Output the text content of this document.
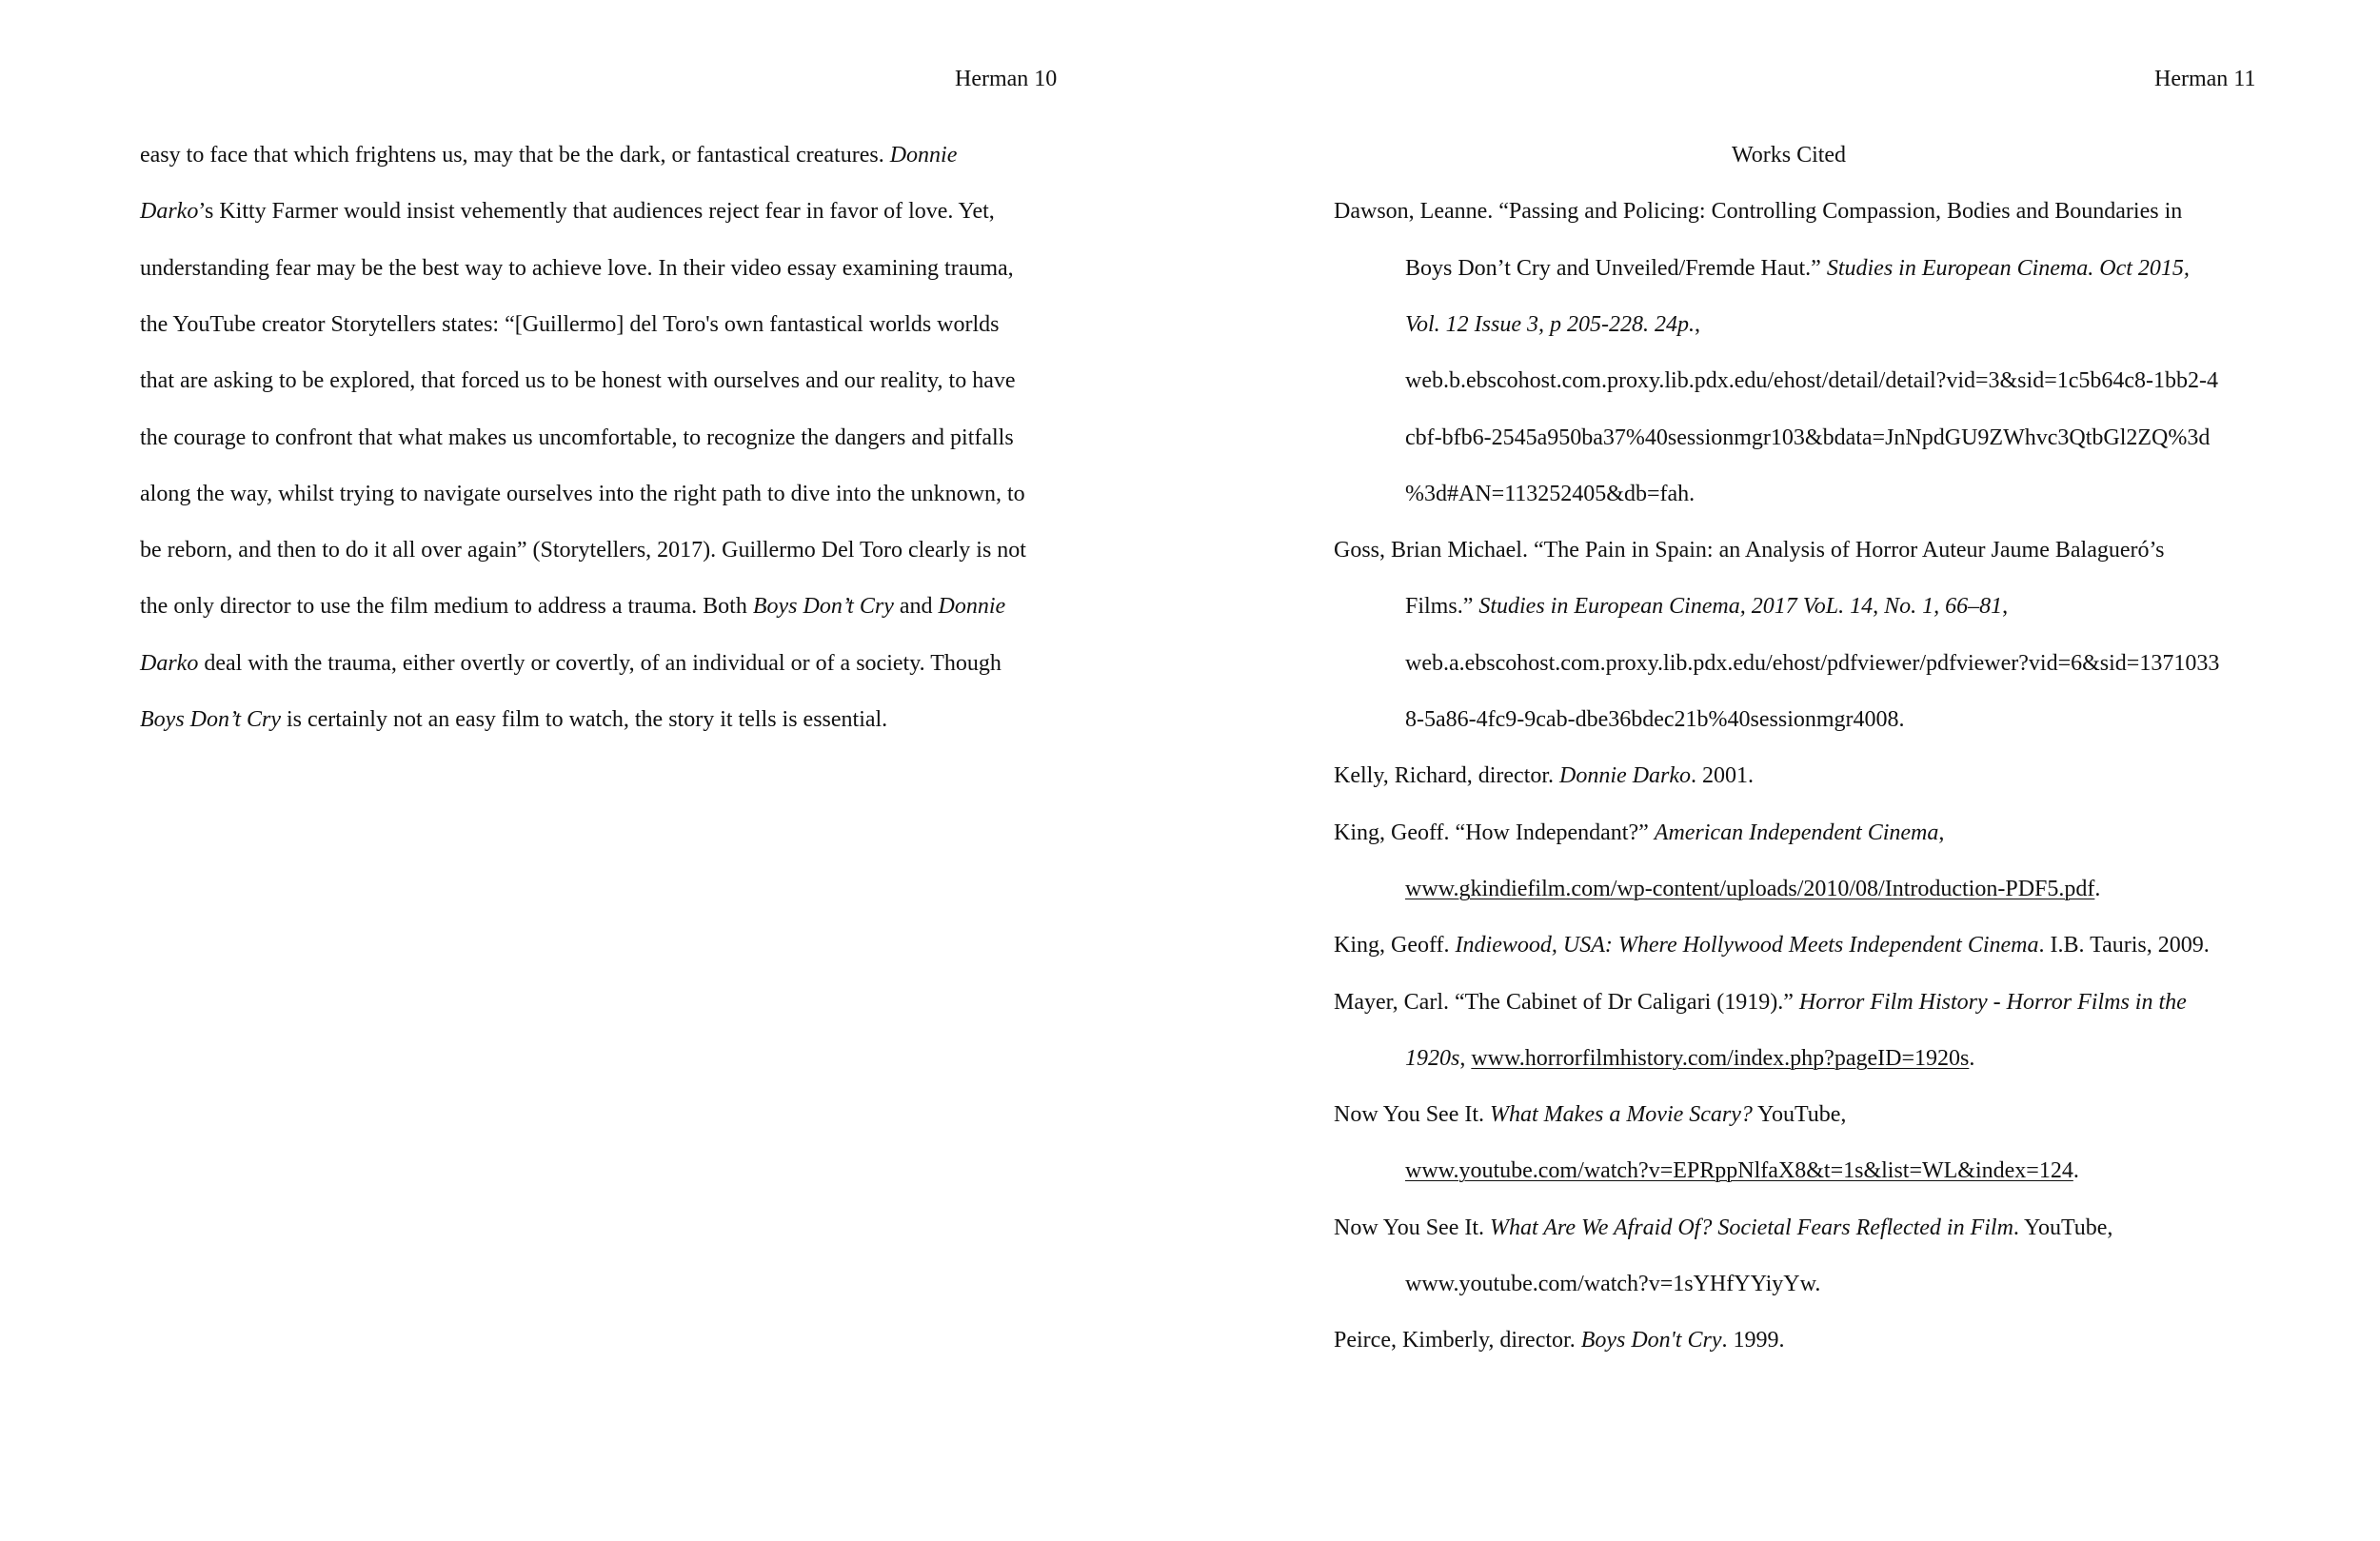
Herman 10
easy to face that which frightens us, may that be the dark, or fantastical creatures. Donnie
Darko’s Kitty Farmer would insist vehemently that audiences reject fear in favor of love. Yet,
understanding fear may be the best way to achieve love. In their video essay examining trauma,
the YouTube creator Storytellers states: “[Guillermo] del Toro's own fantastical worlds worlds
that are asking to be explored, that forced us to be honest with ourselves and our reality, to have
the courage to confront that what makes us uncomfortable, to recognize the dangers and pitfalls
along the way, whilst trying to navigate ourselves into the right path to dive into the unknown, to
be reborn, and then to do it all over again” (Storytellers, 2017). Guillermo Del Toro clearly is not
the only director to use the film medium to address a trauma. Both Boys Don’t Cry and Donnie
Darko deal with the trauma, either overtly or covertly, of an individual or of a society. Though
Boys Don’t Cry is certainly not an easy film to watch, the story it tells is essential.
Herman 11
Works Cited
Dawson, Leanne. “Passing and Policing: Controlling Compassion, Bodies and Boundaries in
Boys Don’t Cry and Unveiled/Fremde Haut.” Studies in European Cinema. Oct 2015,
Vol. 12 Issue 3, p 205-228. 24p.,
web.b.ebscohost.com.proxy.lib.pdx.edu/ehost/detail/detail?vid=3&sid=1c5b64c8-1bb2-4
cbf-bfb6-2545a950ba37%40sessionmgr103&bdata=JnNpdGU9ZWhvc3QtbGl2ZQ%3d
%3d#AN=113252405&db=fah.
Goss, Brian Michael. “The Pain in Spain: an Analysis of Horror Auteur Jaume Balagueró’s
Films.” Studies in European Cinema, 2017 VoL. 14, No. 1, 66–81,
web.a.ebscohost.com.proxy.lib.pdx.edu/ehost/pdfviewer/pdfviewer?vid=6&sid=1371033
8-5a86-4fc9-9cab-dbe36bdec21b%40sessionmgr4008.
Kelly, Richard, director. Donnie Darko. 2001.
King, Geoff. “How Independant?” American Independent Cinema,
www.gkindiefilm.com/wp-content/uploads/2010/08/Introduction-PDF5.pdf.
King, Geoff. Indiewood, USA: Where Hollywood Meets Independent Cinema. I.B. Tauris, 2009.
Mayer, Carl. “The Cabinet of Dr Caligari (1919).” Horror Film History - Horror Films in the
1920s, www.horrorfilmhistory.com/index.php?pageID=1920s.
Now You See It. What Makes a Movie Scary? YouTube,
www.youtube.com/watch?v=EPRppNlfaX8&t=1s&list=WL&index=124.
Now You See It. What Are We Afraid Of? Societal Fears Reflected in Film. YouTube,
www.youtube.com/watch?v=1sYHfYYiyYw.
Peirce, Kimberly, director. Boys Don't Cry. 1999.
